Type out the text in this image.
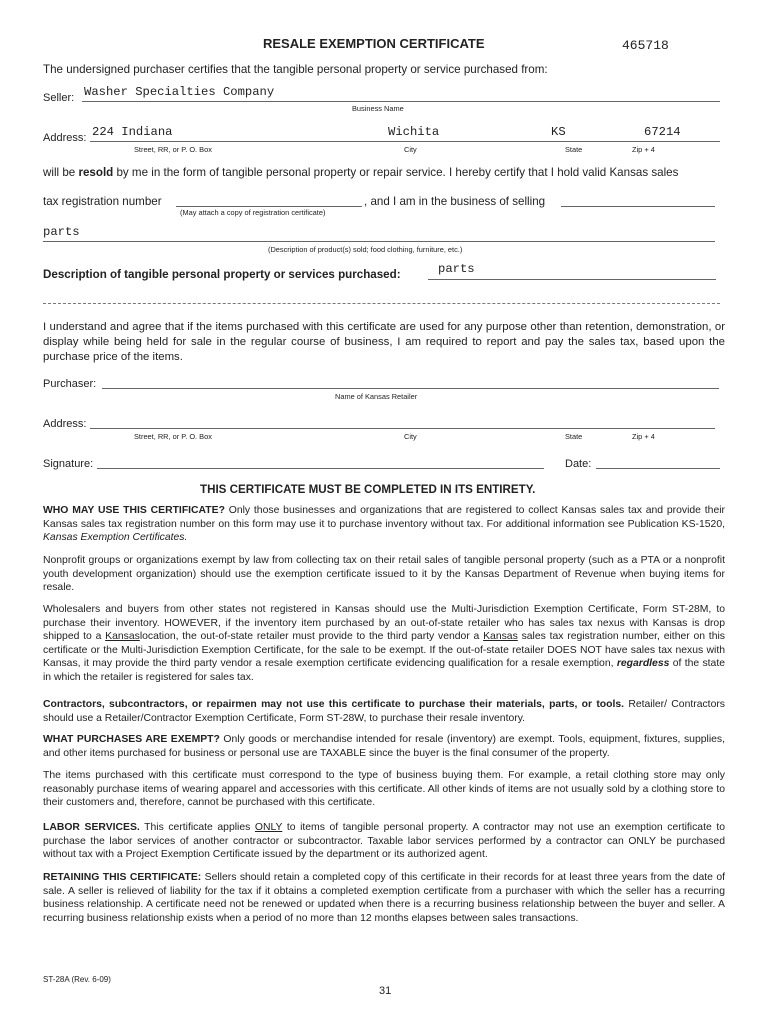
RESALE EXEMPTION CERTIFICATE	465718
The undersigned purchaser certifies that the tangible personal property or service purchased from:
Seller: Washer Specialties Company
Business Name
Address: 224 Indiana	Wichita	KS	67214
Street, RR, or P. O. Box	City	State	Zip + 4
will be resold by me in the form of tangible personal property or repair service. I hereby certify that I hold valid Kansas sales
tax registration number
(May attach a copy of registration certificate)
, and I am in the business of selling
parts
(Description of product(s) sold; food clothing, furniture, etc.)
Description of tangible personal property or services purchased:	parts
I understand and agree that if the items purchased with this certificate are used for any purpose other than retention, demonstration, or display while being held for sale in the regular course of business, I am required to report and pay the sales tax, based upon the purchase price of the items.
Purchaser:
Name of Kansas Retailer
Address:
Street, RR, or P. O. Box	City	State	Zip + 4
Signature:	Date:
THIS CERTIFICATE MUST BE COMPLETED IN ITS ENTIRETY.
WHO MAY USE THIS CERTIFICATE? Only those businesses and organizations that are registered to collect Kansas sales tax and provide their Kansas sales tax registration number on this form may use it to purchase inventory without tax. For additional information see Publication KS-1520, Kansas Exemption Certificates.
Nonprofit groups or organizations exempt by law from collecting tax on their retail sales of tangible personal property (such as a PTA or a nonprofit youth development organization) should use the exemption certificate issued to it by the Kansas Department of Revenue when buying items for resale.
Wholesalers and buyers from other states not registered in Kansas should use the Multi-Jurisdiction Exemption Certificate, Form ST-28M, to purchase their inventory. HOWEVER, if the inventory item purchased by an out-of-state retailer who has sales tax nexus with Kansas is drop shipped to a Kansaslocation, the out-of-state retailer must provide to the third party vendor a Kansas sales tax registration number, either on this certificate or the Multi-Jurisdiction Exemption Certificate, for the sale to be exempt. If the out-of-state retailer DOES NOT have sales tax nexus with Kansas, it may provide the third party vendor a resale exemption certificate evidencing qualification for a resale exemption, regardless of the state in which the retailer is registered for sales tax.
Contractors, subcontractors, or repairmen may not use this certificate to purchase their materials, parts, or tools. Retailer/ Contractors should use a Retailer/Contractor Exemption Certificate, Form ST-28W, to purchase their resale inventory.
WHAT PURCHASES ARE EXEMPT? Only goods or merchandise intended for resale (inventory) are exempt. Tools, equipment, fixtures, supplies, and other items purchased for business or personal use are TAXABLE since the buyer is the final consumer of the property.
The items purchased with this certificate must correspond to the type of business buying them. For example, a retail clothing store may only reasonably purchase items of wearing apparel and accessories with this certificate. All other kinds of items are not usually sold by a clothing store to their customers and, therefore, cannot be purchased with this certificate.
LABOR SERVICES. This certificate applies ONLY to items of tangible personal property. A contractor may not use an exemption certificate to purchase the labor services of another contractor or subcontractor. Taxable labor services performed by a contractor can ONLY be purchased without tax with a Project Exemption Certificate issued by the department or its authorized agent.
RETAINING THIS CERTIFICATE: Sellers should retain a completed copy of this certificate in their records for at least three years from the date of sale. A seller is relieved of liability for the tax if it obtains a completed exemption certificate from a purchaser with which the seller has a recurring business relationship. A certificate need not be renewed or updated when there is a recurring business relationship between the buyer and seller. A recurring business relationship exists when a period of no more than 12 months elapses between sales transactions.
ST-28A (Rev. 6-09)
31
